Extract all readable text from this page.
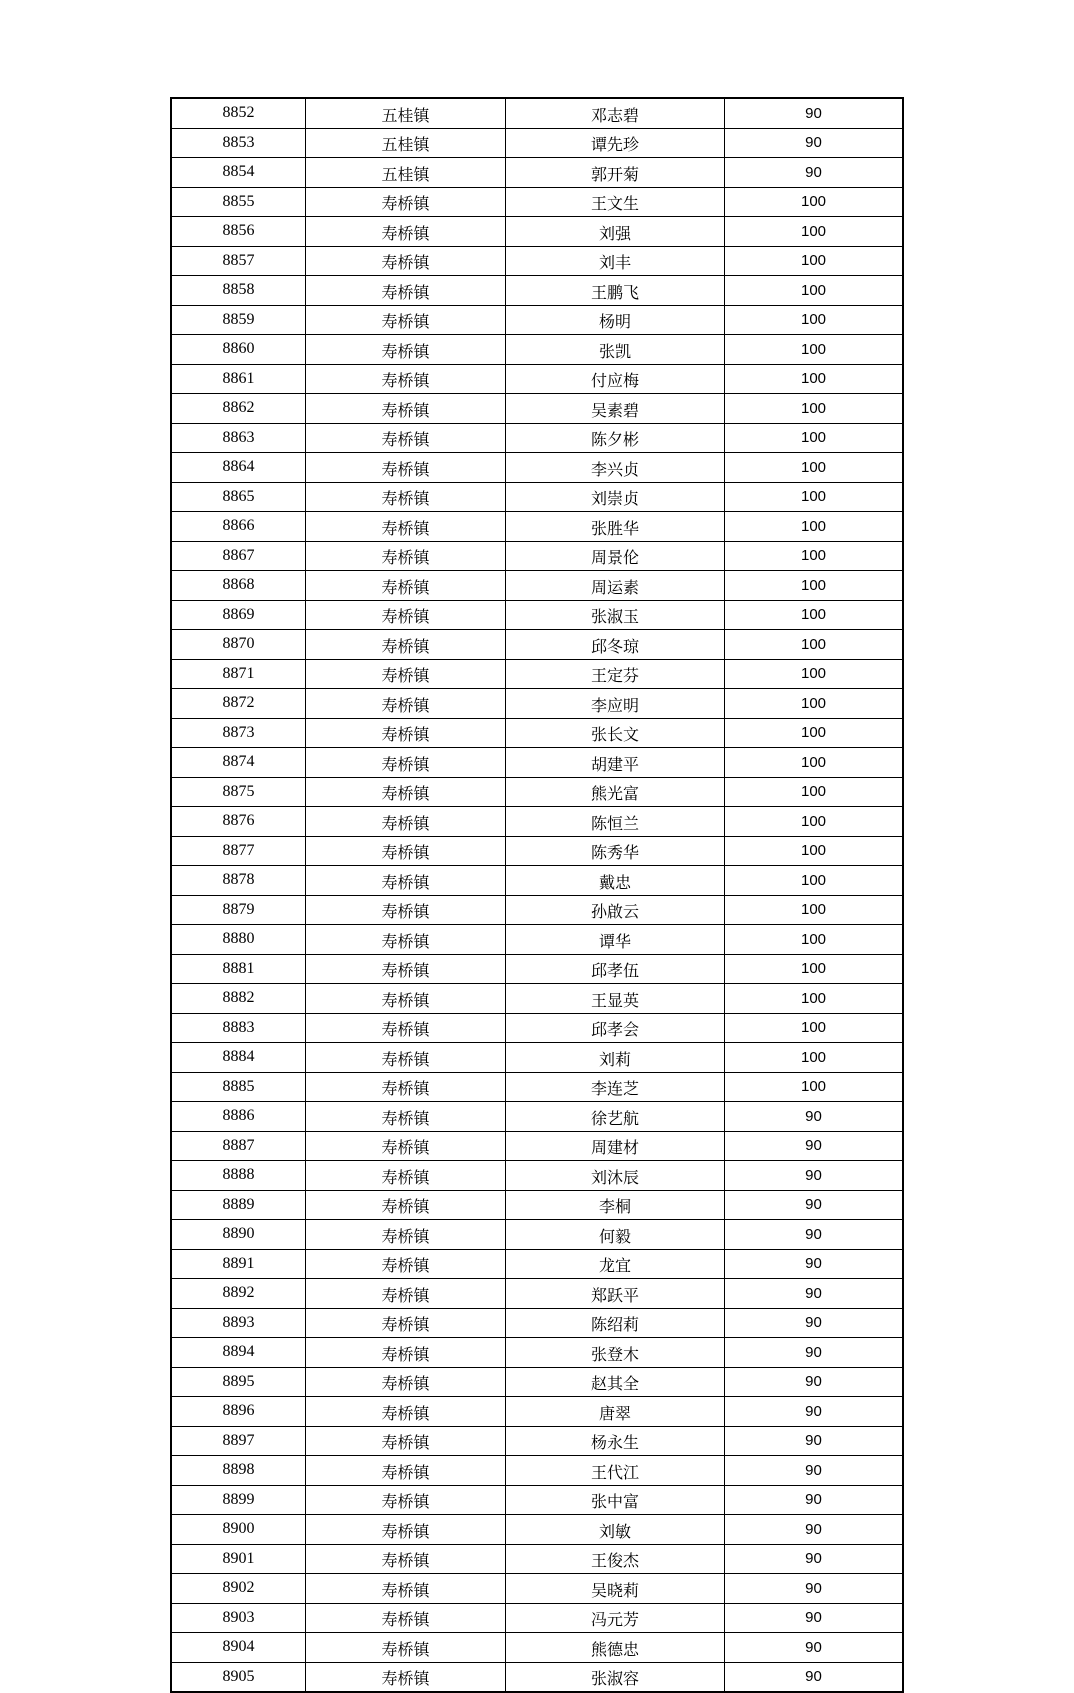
8852	五桂镇	邓志碧	90
8853	五桂镇	谭先珍	90
8854	五桂镇	郭开菊	90
8855	寿桥镇	王文生	100
8856	寿桥镇	刘强	100
8857	寿桥镇	刘丰	100
8858	寿桥镇	王鹏飞	100
8859	寿桥镇	杨明	100
8860	寿桥镇	张凯	100
8861	寿桥镇	付应梅	100
8862	寿桥镇	吴素碧	100
8863	寿桥镇	陈夕彬	100
8864	寿桥镇	李兴贞	100
8865	寿桥镇	刘崇贞	100
8866	寿桥镇	张胜华	100
8867	寿桥镇	周景伦	100
8868	寿桥镇	周运素	100
8869	寿桥镇	张淑玉	100
8870	寿桥镇	邱冬琼	100
8871	寿桥镇	王定芬	100
8872	寿桥镇	李应明	100
8873	寿桥镇	张长文	100
8874	寿桥镇	胡建平	100
8875	寿桥镇	熊光富	100
8876	寿桥镇	陈恒兰	100
8877	寿桥镇	陈秀华	100
8878	寿桥镇	戴忠	100
8879	寿桥镇	孙啟云	100
8880	寿桥镇	谭华	100
8881	寿桥镇	邱孝伍	100
8882	寿桥镇	王显英	100
8883	寿桥镇	邱孝会	100
8884	寿桥镇	刘莉	100
8885	寿桥镇	李连芝	100
8886	寿桥镇	徐艺航	90
8887	寿桥镇	周建材	90
8888	寿桥镇	刘沐辰	90
8889	寿桥镇	李桐	90
8890	寿桥镇	何毅	90
8891	寿桥镇	龙宜	90
8892	寿桥镇	郑跃平	90
8893	寿桥镇	陈绍莉	90
8894	寿桥镇	张登木	90
8895	寿桥镇	赵其全	90
8896	寿桥镇	唐翠	90
8897	寿桥镇	杨永生	90
8898	寿桥镇	王代江	90
8899	寿桥镇	张中富	90
8900	寿桥镇	刘敏	90
8901	寿桥镇	王俊杰	90
8902	寿桥镇	吴晓莉	90
8903	寿桥镇	冯元芳	90
8904	寿桥镇	熊德忠	90
8905	寿桥镇	张淑容	90
